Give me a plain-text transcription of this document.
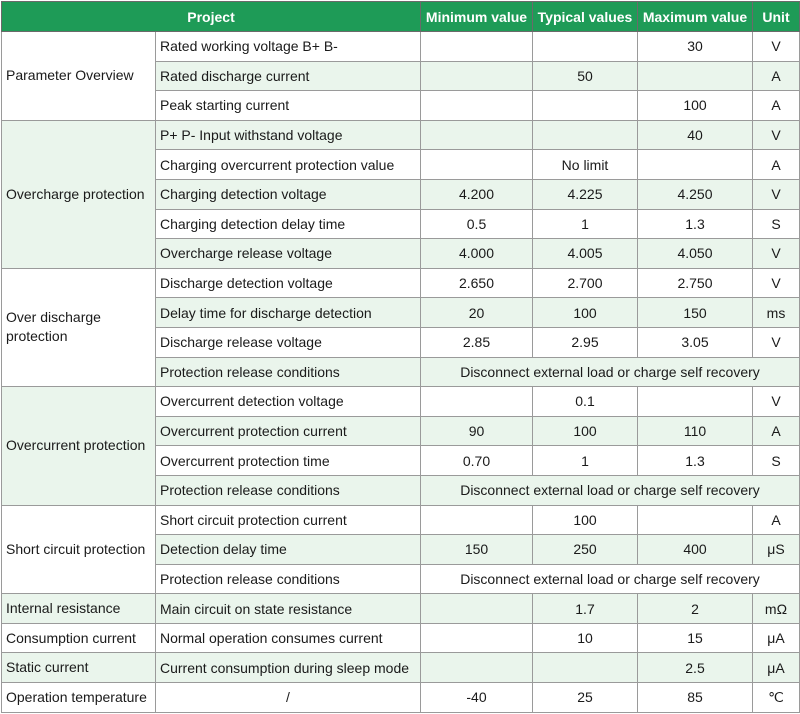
Project		Minimum value	Typical values	Maximum value	Unit
Parameter Overview	Rated working voltage B+ B-			30	V
	Rated discharge current		50		A
	Peak starting current			100	A
Overcharge protection	P+ P- Input withstand voltage			40	V
	Charging overcurrent protection value		No limit		A
	Charging detection voltage	4.200	4.225	4.250	V
	Charging detection delay time	0.5	1	1.3	S
	Overcharge release voltage	4.000	4.005	4.050	V
Over discharge protection	Discharge detection voltage	2.650	2.700	2.750	V
	Delay time for discharge detection	20	100	150	ms
	Discharge release voltage	2.85	2.95	3.05	V
	Protection release conditions	Disconnect external load or charge self recovery			
Overcurrent protection	Overcurrent detection voltage		0.1		V
	Overcurrent protection current	90	100	110	A
	Overcurrent protection time	0.70	1	1.3	S
	Protection release conditions	Disconnect external load or charge self recovery			
Short circuit protection	Short circuit protection current		100		A
	Detection delay time	150	250	400	μS
	Protection release conditions	Disconnect external load or charge self recovery			
Internal resistance	Main circuit on state resistance		1.7	2	mΩ
Consumption current	Normal operation consumes current		10	15	μA
Static current	Current consumption during sleep mode			2.5	μA
Operation temperature	/	-40	25	85	℃
